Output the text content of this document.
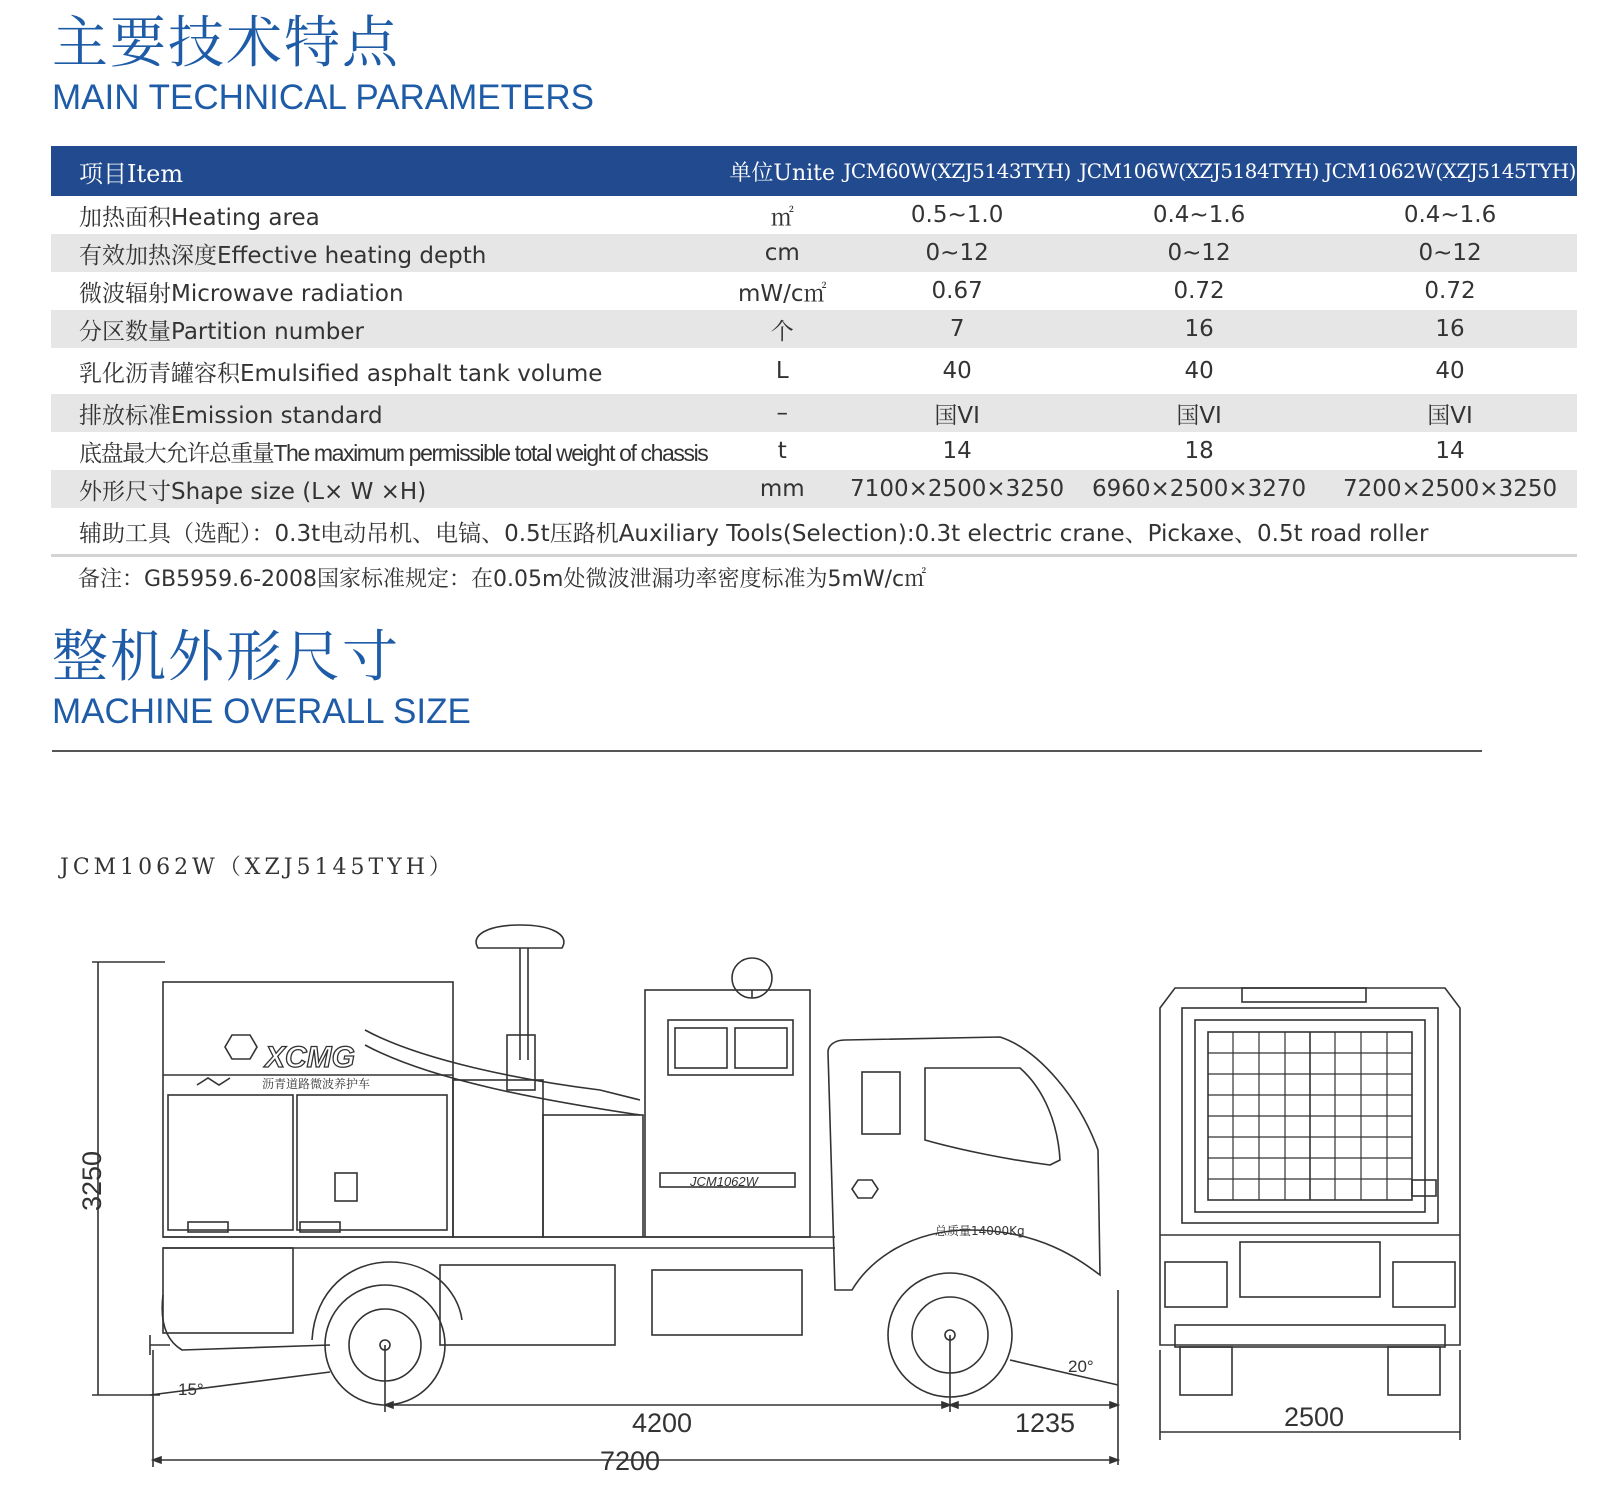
主要技术特点
MAIN TECHNICAL PARAMETERS
项目Item	单位Unite	JCM60W(XZJ5143TYH)	JCM106W(XZJ5184TYH)	JCM1062W(XZJ5145TYH)
加热面积Heating area	㎡	0.5~1.0	0.4~1.6	0.4~1.6
有效加热深度Effective heating depth	cm	0~12	0~12	0~12
微波辐射Microwave radiation	mW/c㎡	0.67	0.72	0.72
分区数量Partition number	个	7	16	16
乳化沥青罐容积Emulsified asphalt tank volume	L	40	40	40
排放标准Emission standard	–	国VI	国VI	国VI
底盘最大允许总重量The maximum permissible total weight of chassis	t	14	18	14
外形尺寸Shape size (L× W ×H)	mm	7100×2500×3250	6960×2500×3270	7200×2500×3250
辅助工具（选配）：0.3t电动吊机、电镐、0.5t压路机Auxiliary Tools(Selection):0.3t electric crane、Pickaxe、0.5t road roller				

备注：GB5959.6-2008国家标准规定：在0.05m处微波泄漏功率密度标准为5mW/c㎡

整机外形尺寸
MACHINE OVERALL SIZE

JCM1062W（XZJ5145TYH）

3250
4200	1235
7200
15°
20°
XCMG
沥青道路微波养护车
JCM1062W
总质量14000Kg
2500
